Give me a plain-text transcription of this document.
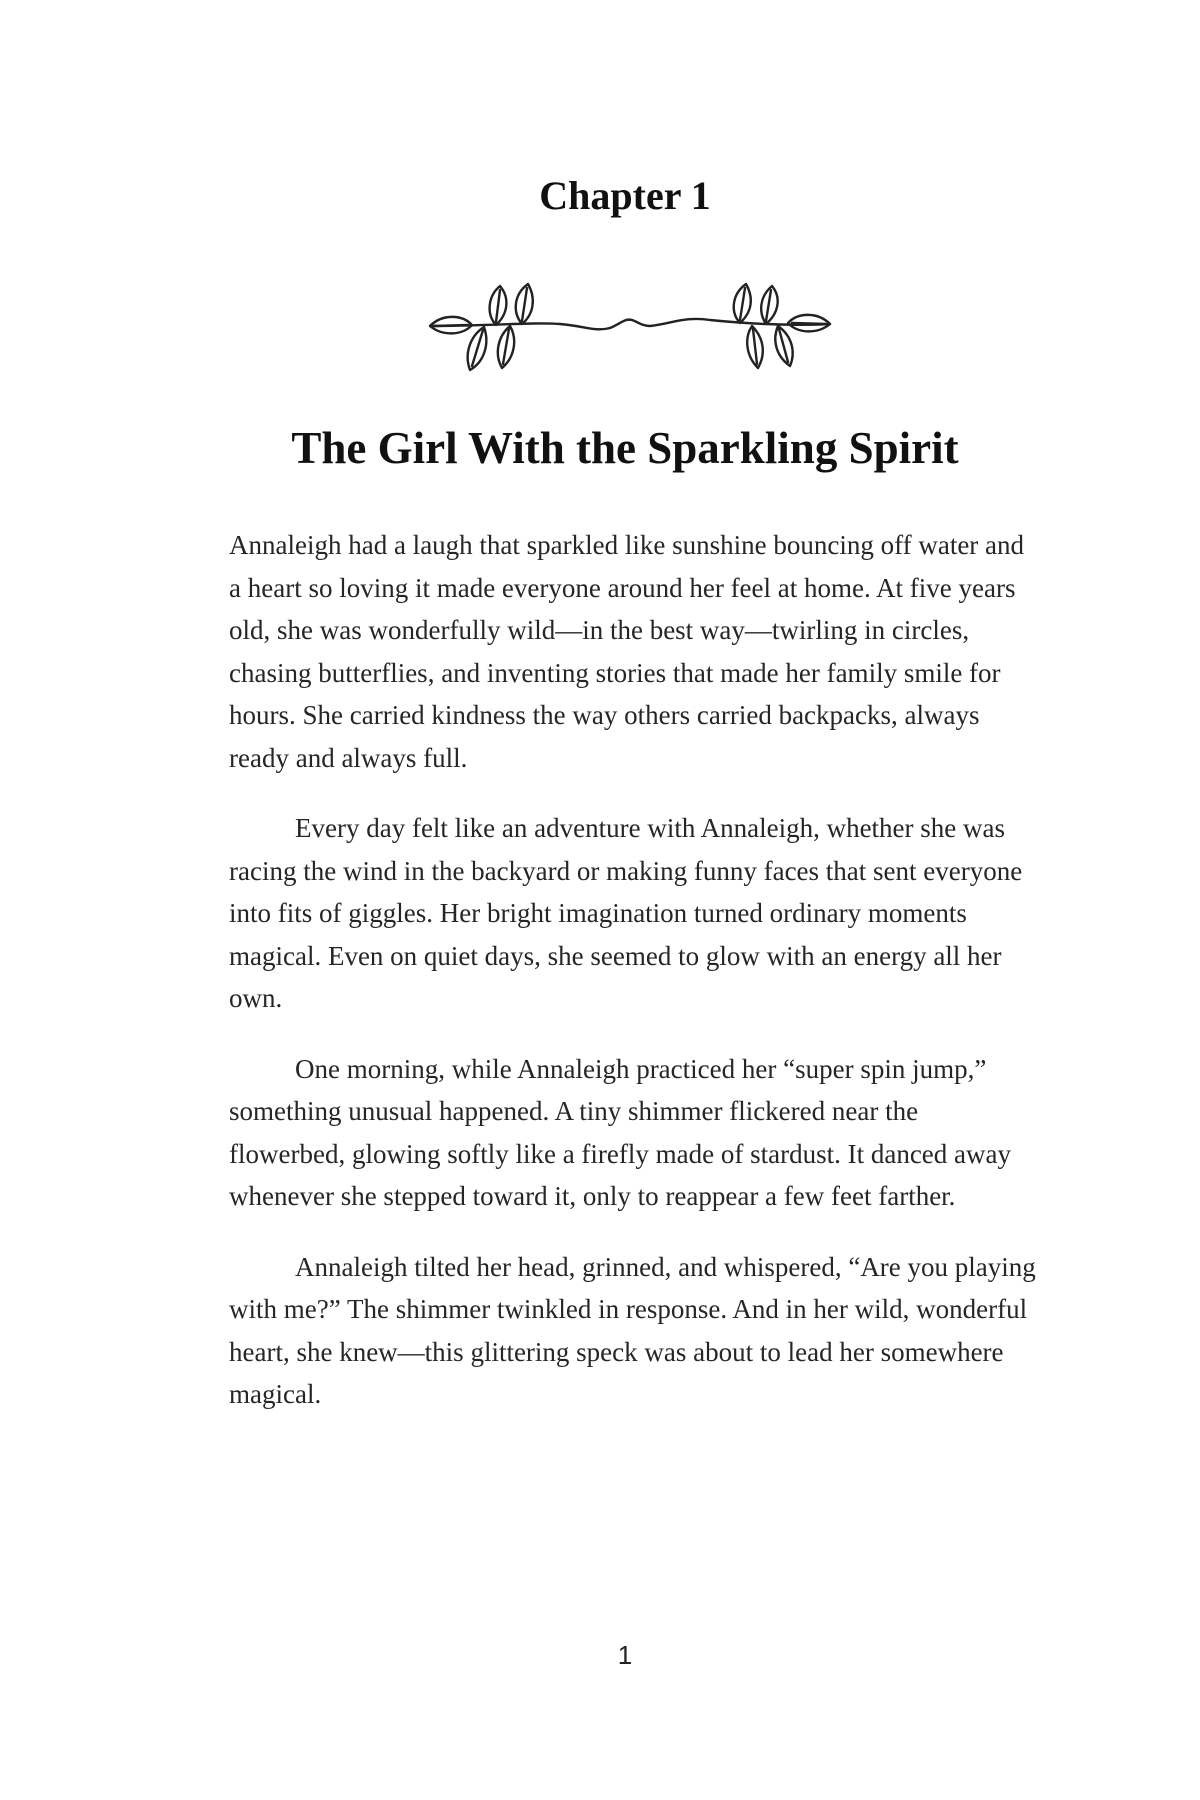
Chapter 1
The Girl With the Sparkling Spirit

Annaleigh had a laugh that sparkled like sunshine bouncing off water and a heart so loving it made everyone around her feel at home. At five years old, she was wonderfully wild—in the best way—twirling in circles, chasing butterflies, and inventing stories that made her family smile for hours. She carried kindness the way others carried backpacks, always ready and always full.

Every day felt like an adventure with Annaleigh, whether she was racing the wind in the backyard or making funny faces that sent everyone into fits of giggles. Her bright imagination turned ordinary moments magical. Even on quiet days, she seemed to glow with an energy all her own.

One morning, while Annaleigh practiced her “super spin jump,” something unusual happened. A tiny shimmer flickered near the flowerbed, glowing softly like a firefly made of stardust. It danced away whenever she stepped toward it, only to reappear a few feet farther.

Annaleigh tilted her head, grinned, and whispered, “Are you playing with me?” The shimmer twinkled in response. And in her wild, wonderful heart, she knew—this glittering speck was about to lead her somewhere magical.

1
